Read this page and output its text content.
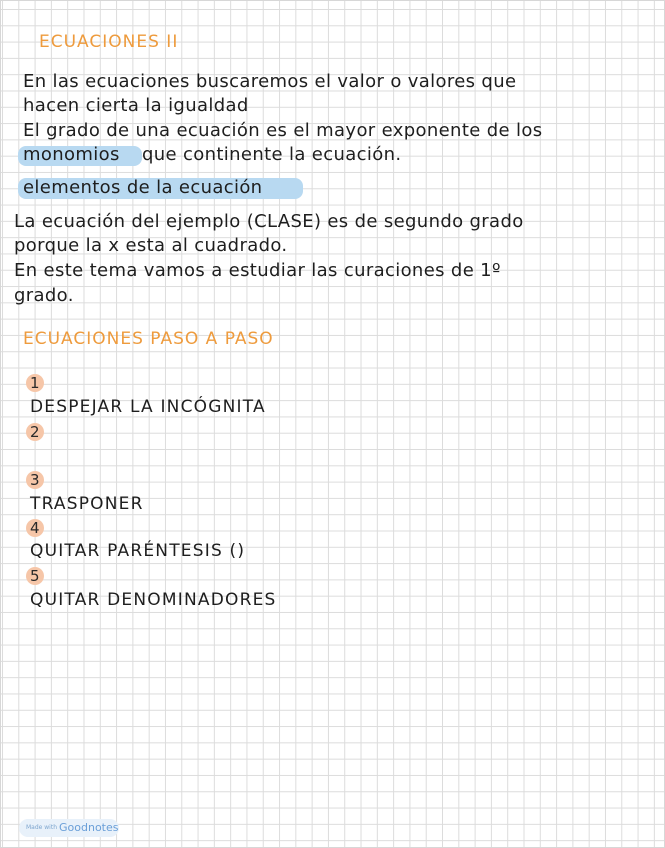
ECUACIONES II
En las ecuaciones buscaremos el valor o valores que
hacen cierta la igualdad
El grado de una ecuación es el mayor exponente de los
monomios que continente la ecuación.
elementos de la ecuación
La ecuación del ejemplo (CLASE) es de segundo grado
porque la x esta al cuadrado.
En este tema vamos a estudiar las curaciones de 1º
grado.
ECUACIONES PASO A PASO
1
DESPEJAR LA INCÓGNITA
2
3
TRASPONER
4
QUITAR PARÉNTESIS ()
5
QUITAR DENOMINADORES
Made with Goodnotes
